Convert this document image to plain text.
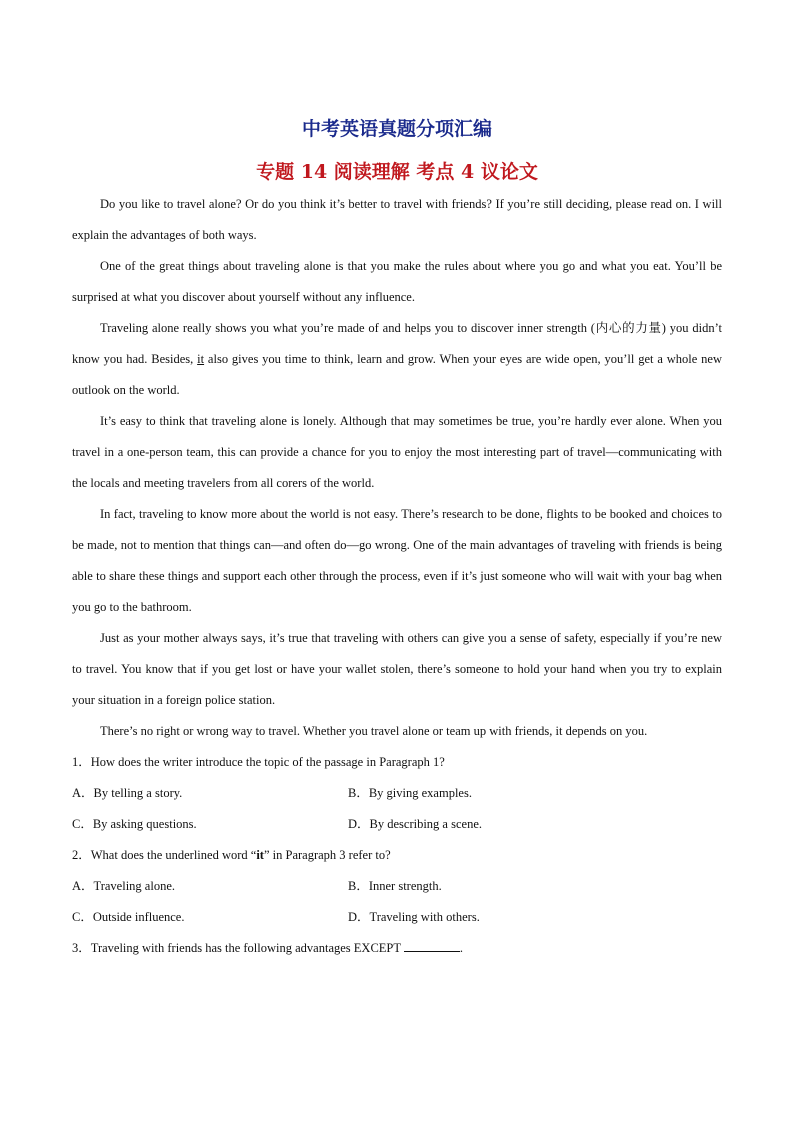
中考英语真题分项汇编
专题 14 阅读理解 考点 4 议论文

Do you like to travel alone? Or do you think it’s better to travel with friends? If you’re still deciding, please read on. I will explain the advantages of both ways.

One of the great things about traveling alone is that you make the rules about where you go and what you eat. You’ll be surprised at what you discover about yourself without any influence.

Traveling alone really shows you what you’re made of and helps you to discover inner strength (内心的力量) you didn’t know you had. Besides, it also gives you time to think, learn and grow. When your eyes are wide open, you’ll get a whole new outlook on the world.

It’s easy to think that traveling alone is lonely. Although that may sometimes be true, you’re hardly ever alone. When you travel in a one-person team, this can provide a chance for you to enjoy the most interesting part of travel—communicating with the locals and meeting travelers from all corers of the world.

In fact, traveling to know more about the world is not easy. There’s research to be done, flights to be booked and choices to be made, not to mention that things can—and often do—go wrong. One of the main advantages of traveling with friends is being able to share these things and support each other through the process, even if it’s just someone who will wait with your bag when you go to the bathroom.

Just as your mother always says, it’s true that traveling with others can give you a sense of safety, especially if you’re new to travel. You know that if you get lost or have your wallet stolen, there’s someone to hold your hand when you try to explain your situation in a foreign police station.

There’s no right or wrong way to travel. Whether you travel alone or team up with friends, it depends on you.

1．How does the writer introduce the topic of the passage in Paragraph 1?

A．By telling a story.	B．By giving examples.
C．By asking questions.	D．By describing a scene.

2．What does the underlined word “it” in Paragraph 3 refer to?

A．Traveling alone.	B．Inner strength.
C．Outside influence.	D．Traveling with others.

3．Traveling with friends has the following advantages EXCEPT	.
